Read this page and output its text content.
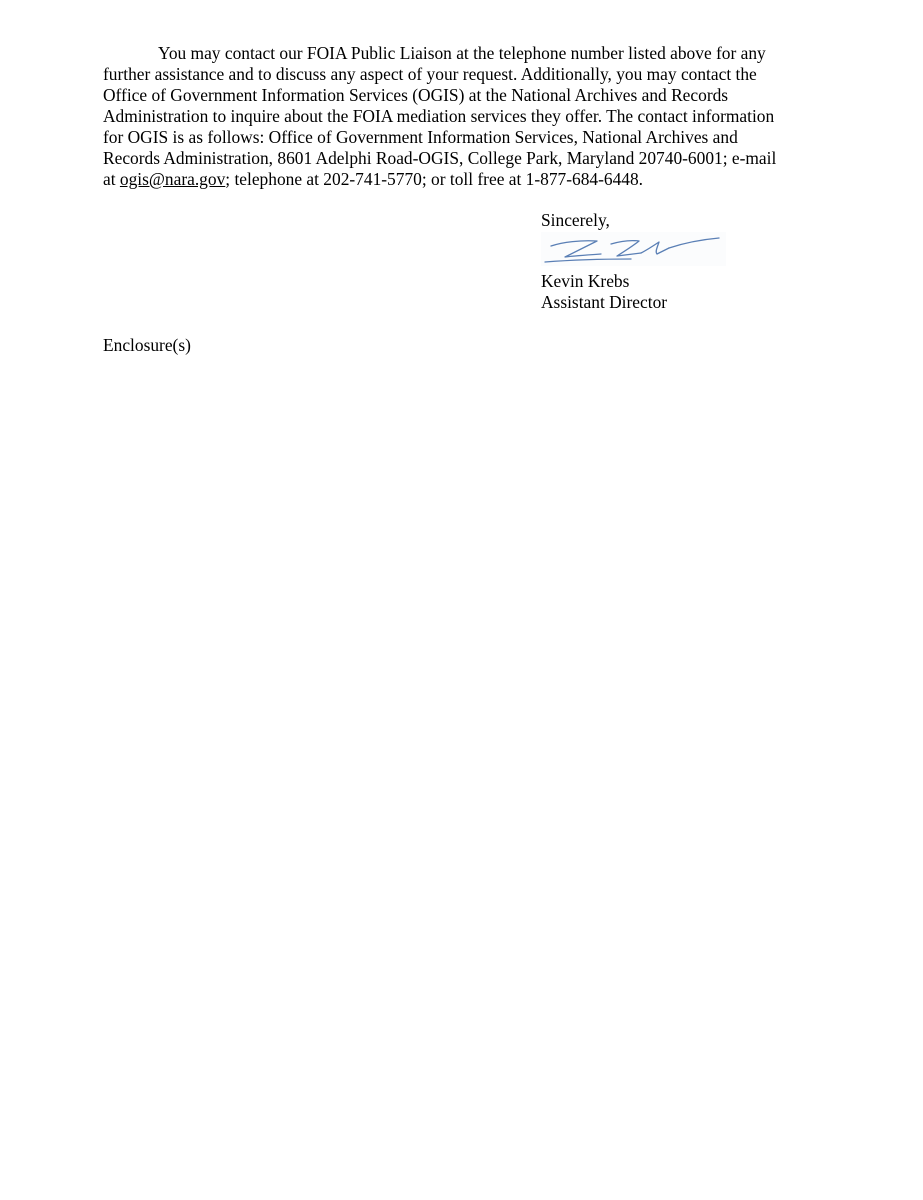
You may contact our FOIA Public Liaison at the telephone number listed above for any
further assistance and to discuss any aspect of your request. Additionally, you may contact the
Office of Government Information Services (OGIS) at the National Archives and Records
Administration to inquire about the FOIA mediation services they offer. The contact information
for OGIS is as follows: Office of Government Information Services, National Archives and
Records Administration, 8601 Adelphi Road-OGIS, College Park, Maryland 20740-6001; e-mail
at ogis@nara.gov; telephone at 202-741-5770; or toll free at 1-877-684-6448.
Sincerely,
Kevin Krebs
Assistant Director
Enclosure(s)
